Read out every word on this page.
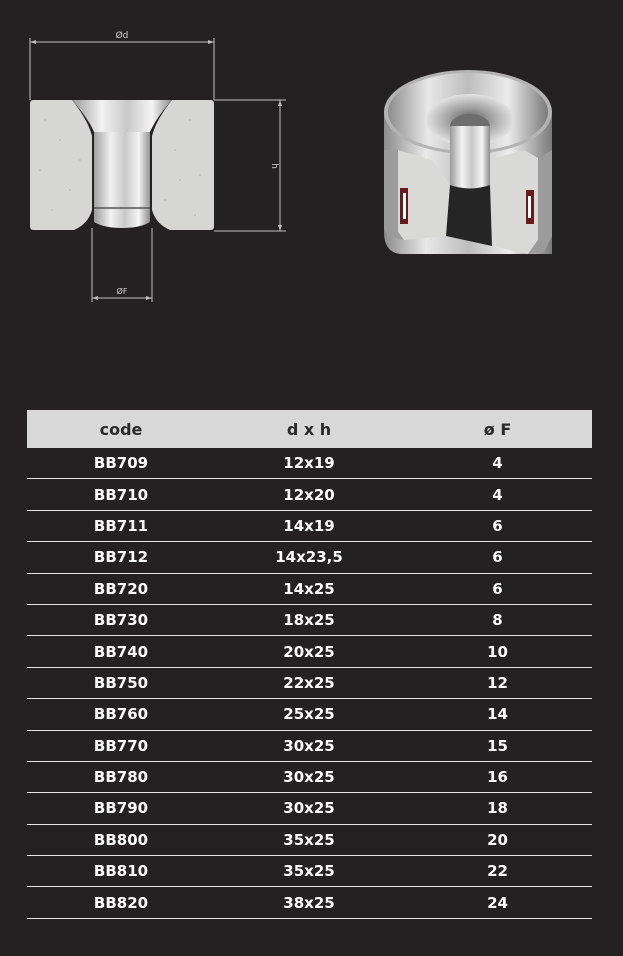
Ød
h
ØF
code	d x h	ø F
BB709	12x19	4
BB710	12x20	4
BB711	14x19	6
BB712	14x23,5	6
BB720	14x25	6
BB730	18x25	8
BB740	20x25	10
BB750	22x25	12
BB760	25x25	14
BB770	30x25	15
BB780	30x25	16
BB790	30x25	18
BB800	35x25	20
BB810	35x25	22
BB820	38x25	24
